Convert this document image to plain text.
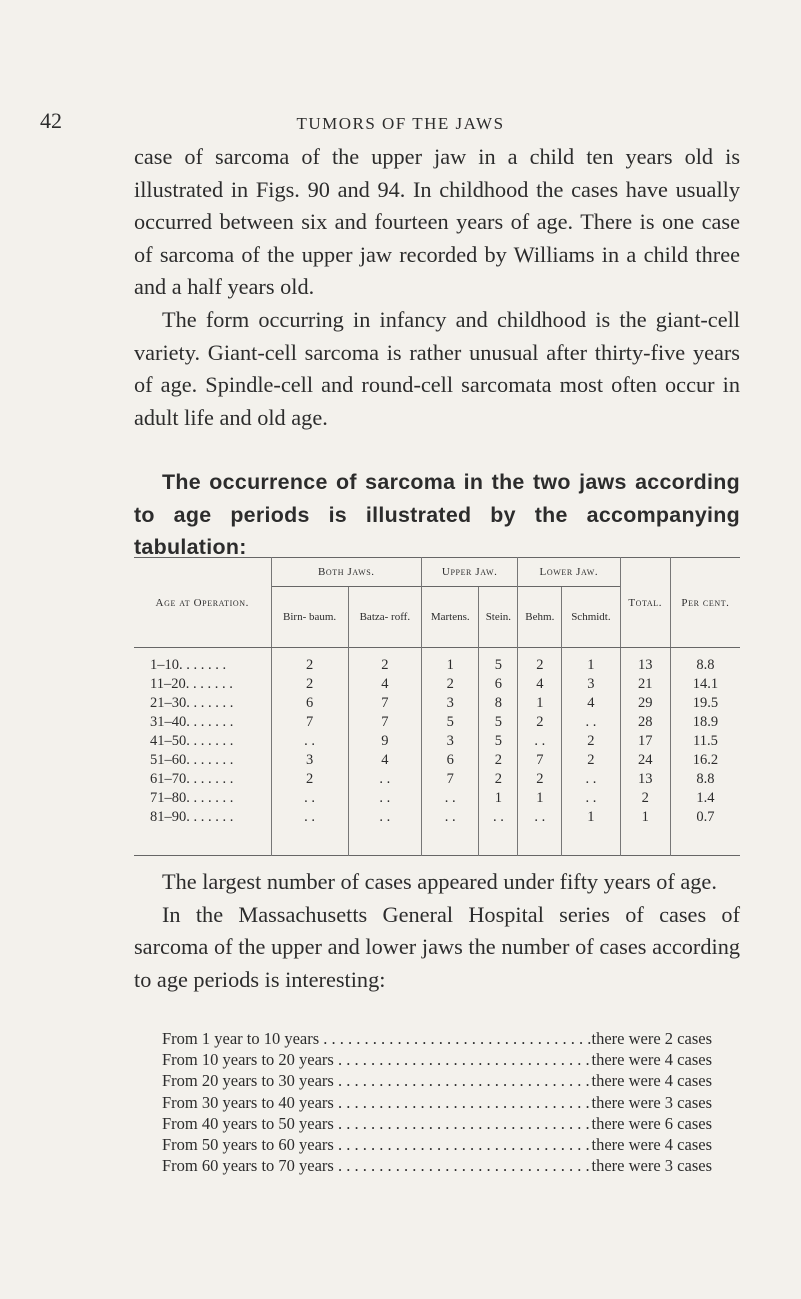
42	TUMORS OF THE JAWS

case of sarcoma of the upper jaw in a child ten years old is illustrated in Figs. 90 and 94. In childhood the cases have usually occurred between six and fourteen years of age. There is one case of sarcoma of the upper jaw recorded by Williams in a child three and a half years old.

The form occurring in infancy and childhood is the giant-cell variety. Giant-cell sarcoma is rather unusual after thirty-five years of age. Spindle-cell and round-cell sarcomata most often occur in adult life and old age.

The occurrence of sarcoma in the two jaws according to age periods is illustrated by the accompanying tabulation:

Age at Operation.	Both Jaws.		Upper Jaw.		Lower Jaw.		Total.	Per cent.
	Birn- baum.	Batza- roff.	Martens.	Stein.	Behm.	Schmidt.		
1–10. . . . . . .	2	2	1	5	2	1	13	8.8
11–20. . . . . . .	2	4	2	6	4	3	21	14.1
21–30. . . . . . .	6	7	3	8	1	4	29	19.5
31–40. . . . . . .	7	7	5	5	2	. .	28	18.9
41–50. . . . . . .	. .	9	3	5	. .	2	17	11.5
51–60. . . . . . .	3	4	6	2	7	2	24	16.2
61–70. . . . . . .	2	. .	7	2	2	. .	13	8.8
71–80. . . . . . .	. .	. .	. .	1	1	. .	2	1.4
81–90. . . . . . .	. .	. .	. .	. .	. .	1	1	0.7

The largest number of cases appeared under fifty years of age.

In the Massachusetts General Hospital series of cases of sarcoma of the upper and lower jaws the number of cases according to age periods is interesting:

From 1 year to 10 years . . .	there were 2 cases
From 10 years to 20 years . . .	there were 4 cases
From 20 years to 30 years . . .	there were 4 cases
From 30 years to 40 years . . .	there were 3 cases
From 40 years to 50 years . . .	there were 6 cases
From 50 years to 60 years . . .	there were 4 cases
From 60 years to 70 years . . .	there were 3 cases
